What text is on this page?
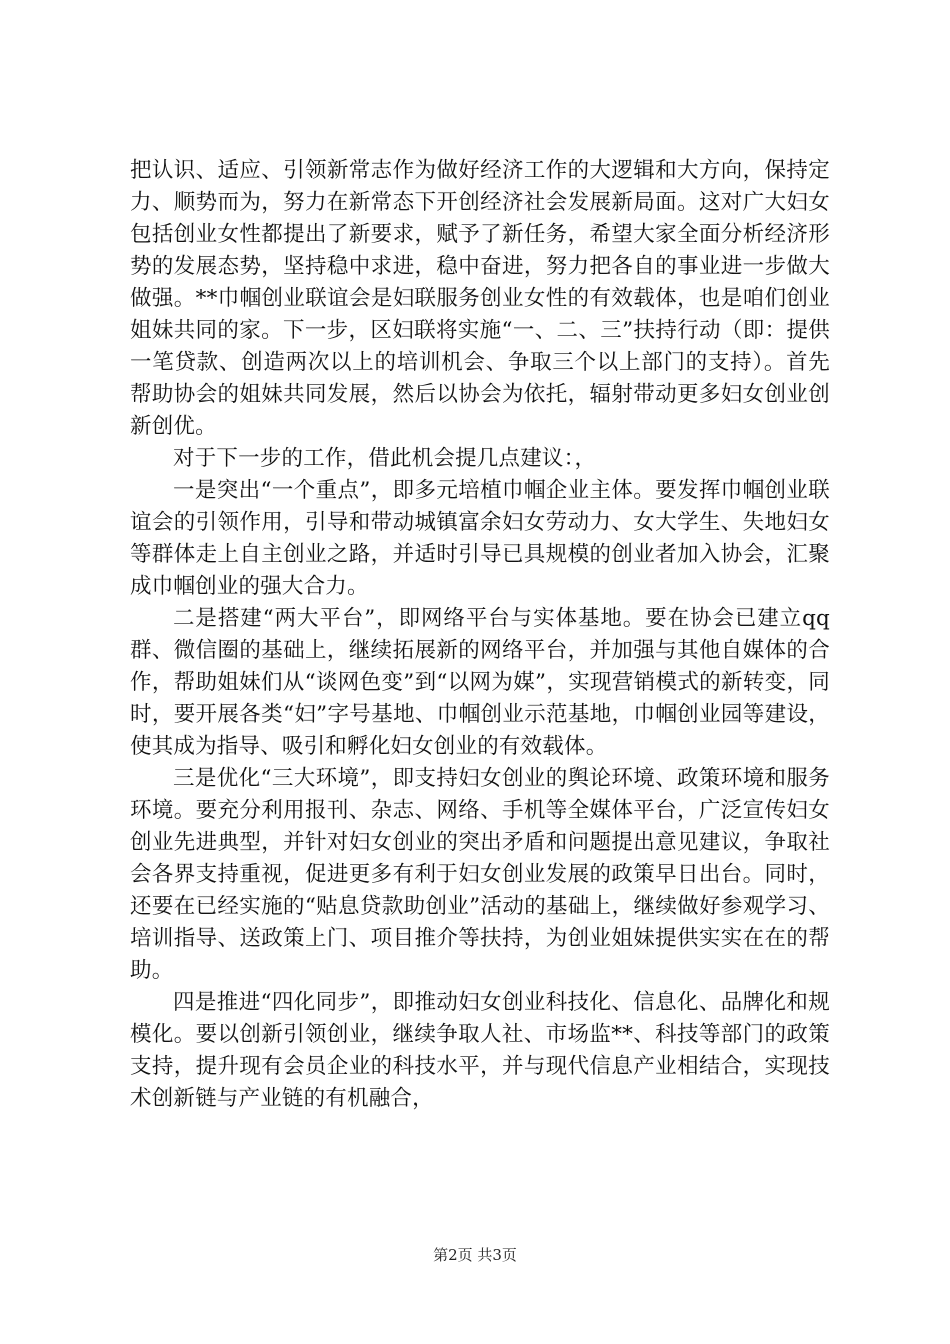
把认识、适应、引领新常志作为做好经济工作的大逻辑和大方向，保持定力、顺势而为，努力在新常态下开创经济社会发展新局面。这对广大妇女包括创业女性都提出了新要求，赋予了新任务，希望大家全面分析经济形势的发展态势，坚持稳中求进，稳中奋进，努力把各自的事业进一步做大做强。**巾帼创业联谊会是妇联服务创业女性的有效载体，也是咱们创业姐妹共同的家。下一步，区妇联将实施“一、二、三”扶持行动（即：提供一笔贷款、创造两次以上的培训机会、争取三个以上部门的支持）。首先帮助协会的姐妹共同发展，然后以协会为依托，辐射带动更多妇女创业创新创优。

对于下一步的工作，借此机会提几点建议：，

一是突出“一个重点”，即多元培植巾帼企业主体。要发挥巾帼创业联谊会的引领作用，引导和带动城镇富余妇女劳动力、女大学生、失地妇女等群体走上自主创业之路，并适时引导已具规模的创业者加入协会，汇聚成巾帼创业的强大合力。

二是搭建“两大平台”，即网络平台与实体基地。要在协会已建立qq群、微信圈的基础上，继续拓展新的网络平台，并加强与其他自媒体的合作，帮助姐妹们从“谈网色变”到“以网为媒”，实现营销模式的新转变，同时，要开展各类“妇”字号基地、巾帼创业示范基地，巾帼创业园等建设，使其成为指导、吸引和孵化妇女创业的有效载体。

三是优化“三大环境”，即支持妇女创业的舆论环境、政策环境和服务环境。要充分利用报刊、杂志、网络、手机等全媒体平台，广泛宣传妇女创业先进典型，并针对妇女创业的突出矛盾和问题提出意见建议，争取社会各界支持重视，促进更多有利于妇女创业发展的政策早日出台。同时，还要在已经实施的“贴息贷款助创业”活动的基础上，继续做好参观学习、培训指导、送政策上门、项目推介等扶持，为创业姐妹提供实实在在的帮助。

四是推进“四化同步”，即推动妇女创业科技化、信息化、品牌化和规模化。要以创新引领创业，继续争取人社、市场监**、科技等部门的政策支持，提升现有会员企业的科技水平，并与现代信息产业相结合，实现技术创新链与产业链的有机融合，

第2页 共3页
